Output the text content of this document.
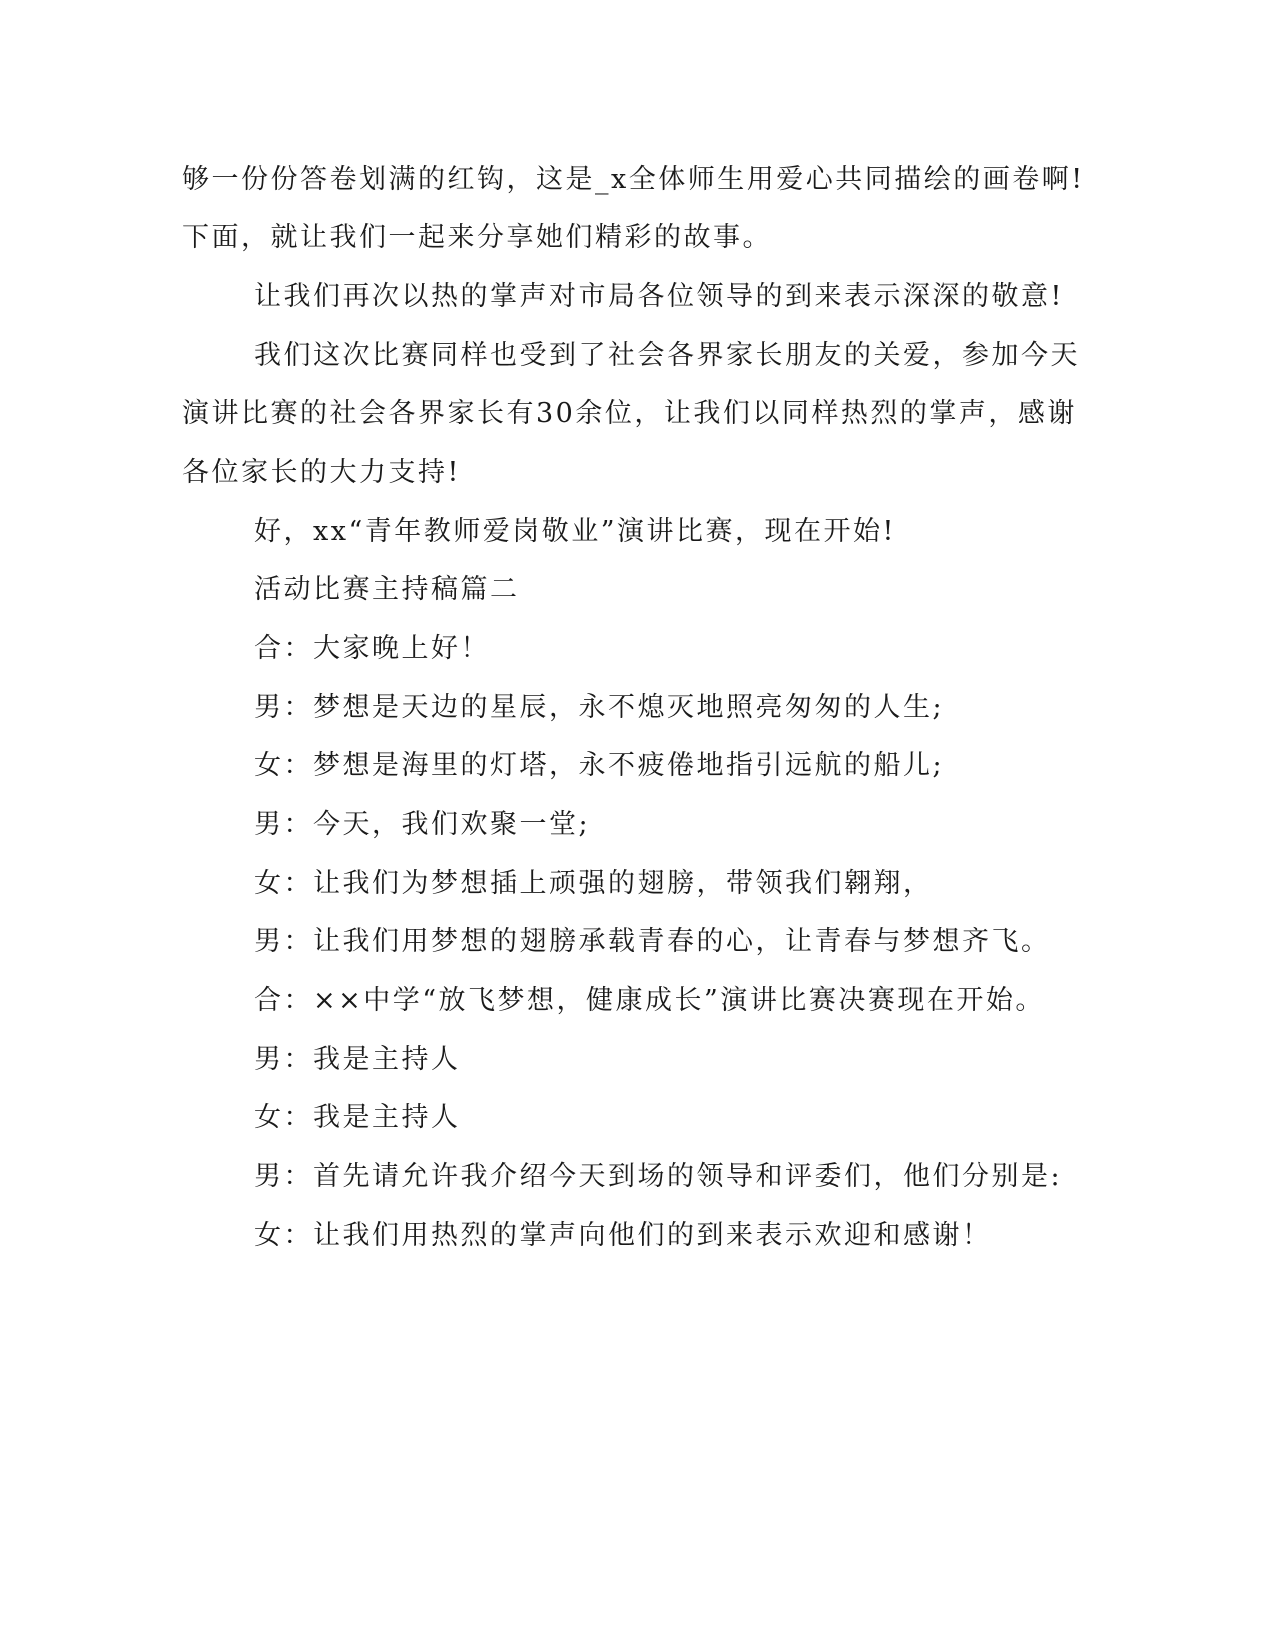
够一份份答卷划满的红钩，这是_x全体师生用爱心共同描绘的画卷啊!
下面，就让我们一起来分享她们精彩的故事。
让我们再次以热的掌声对市局各位领导的到来表示深深的敬意!
我们这次比赛同样也受到了社会各界家长朋友的关爱，参加今天
演讲比赛的社会各界家长有30余位，让我们以同样热烈的掌声，感谢
各位家长的大力支持!
好，xx“青年教师爱岗敬业”演讲比赛，现在开始!
活动比赛主持稿篇二
合：大家晚上好！
男：梦想是天边的星辰，永不熄灭地照亮匆匆的人生;
女：梦想是海里的灯塔，永不疲倦地指引远航的船儿;
男：今天，我们欢聚一堂;
女：让我们为梦想插上顽强的翅膀，带领我们翱翔，
男：让我们用梦想的翅膀承载青春的心，让青春与梦想齐飞。
合：××中学“放飞梦想，健康成长”演讲比赛决赛现在开始。
男：我是主持人
女：我是主持人
男：首先请允许我介绍今天到场的领导和评委们，他们分别是:
女：让我们用热烈的掌声向他们的到来表示欢迎和感谢！
